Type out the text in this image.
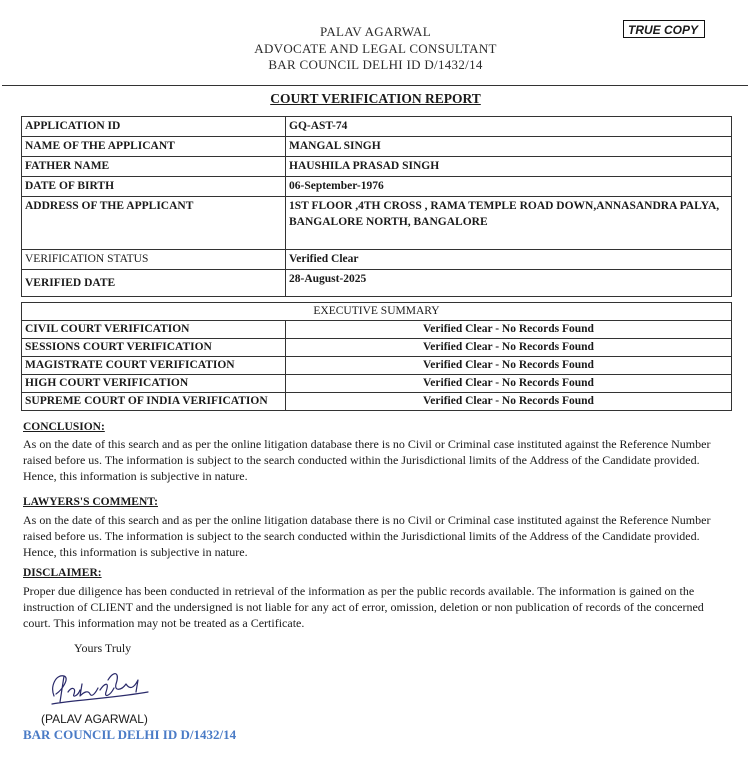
PALAV AGARWAL
ADVOCATE AND LEGAL CONSULTANT
BAR COUNCIL DELHI ID D/1432/14
TRUE COPY
COURT VERIFICATION REPORT
APPLICATION ID	GQ-AST-74
NAME OF THE APPLICANT	MANGAL SINGH
FATHER NAME	HAUSHILA PRASAD SINGH
DATE OF BIRTH	06-September-1976
ADDRESS OF THE APPLICANT	1ST FLOOR ,4TH CROSS , RAMA TEMPLE ROAD DOWN,ANNASANDRA PALYA, BANGALORE NORTH, BANGALORE
VERIFICATION STATUS	Verified Clear
VERIFIED DATE	28-August-2025
EXECUTIVE SUMMARY	
CIVIL COURT VERIFICATION	Verified Clear - No Records Found
SESSIONS COURT VERIFICATION	Verified Clear - No Records Found
MAGISTRATE COURT VERIFICATION	Verified Clear - No Records Found
HIGH COURT VERIFICATION	Verified Clear - No Records Found
SUPREME COURT OF INDIA VERIFICATION	Verified Clear - No Records Found
CONCLUSION:
As on the date of this search and as per the online litigation database there is no Civil or Criminal case instituted against the Reference Number raised before us. The information is subject to the search conducted within the Jurisdictional limits of the Address of the Candidate provided. Hence, this information is subjective in nature.
LAWYERS'S COMMENT:
As on the date of this search and as per the online litigation database there is no Civil or Criminal case instituted against the Reference Number raised before us. The information is subject to the search conducted within the Jurisdictional limits of the Address of the Candidate provided. Hence, this information is subjective in nature.
DISCLAIMER:
Proper due diligence has been conducted in retrieval of the information as per the public records available. The information is gained on the instruction of CLIENT and the undersigned is not liable for any act of error, omission, deletion or non publication of records of the concerned court. This information may not be treated as a Certificate.
Yours Truly
(PALAV AGARWAL)
BAR COUNCIL DELHI ID D/1432/14
